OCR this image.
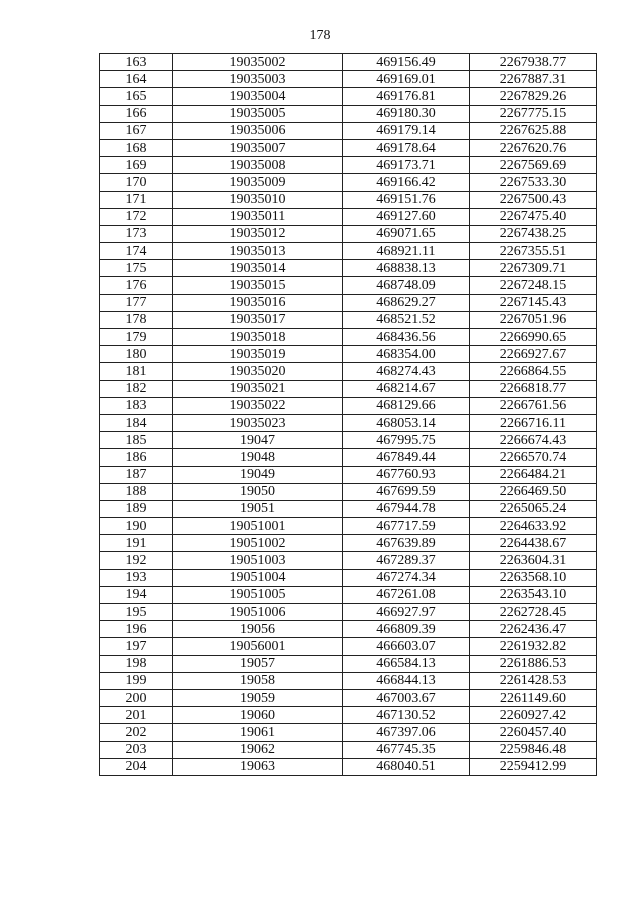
178
163	19035002	469156.49	2267938.77
164	19035003	469169.01	2267887.31
165	19035004	469176.81	2267829.26
166	19035005	469180.30	2267775.15
167	19035006	469179.14	2267625.88
168	19035007	469178.64	2267620.76
169	19035008	469173.71	2267569.69
170	19035009	469166.42	2267533.30
171	19035010	469151.76	2267500.43
172	19035011	469127.60	2267475.40
173	19035012	469071.65	2267438.25
174	19035013	468921.11	2267355.51
175	19035014	468838.13	2267309.71
176	19035015	468748.09	2267248.15
177	19035016	468629.27	2267145.43
178	19035017	468521.52	2267051.96
179	19035018	468436.56	2266990.65
180	19035019	468354.00	2266927.67
181	19035020	468274.43	2266864.55
182	19035021	468214.67	2266818.77
183	19035022	468129.66	2266761.56
184	19035023	468053.14	2266716.11
185	19047	467995.75	2266674.43
186	19048	467849.44	2266570.74
187	19049	467760.93	2266484.21
188	19050	467699.59	2266469.50
189	19051	467944.78	2265065.24
190	19051001	467717.59	2264633.92
191	19051002	467639.89	2264438.67
192	19051003	467289.37	2263604.31
193	19051004	467274.34	2263568.10
194	19051005	467261.08	2263543.10
195	19051006	466927.97	2262728.45
196	19056	466809.39	2262436.47
197	19056001	466603.07	2261932.82
198	19057	466584.13	2261886.53
199	19058	466844.13	2261428.53
200	19059	467003.67	2261149.60
201	19060	467130.52	2260927.42
202	19061	467397.06	2260457.40
203	19062	467745.35	2259846.48
204	19063	468040.51	2259412.99
